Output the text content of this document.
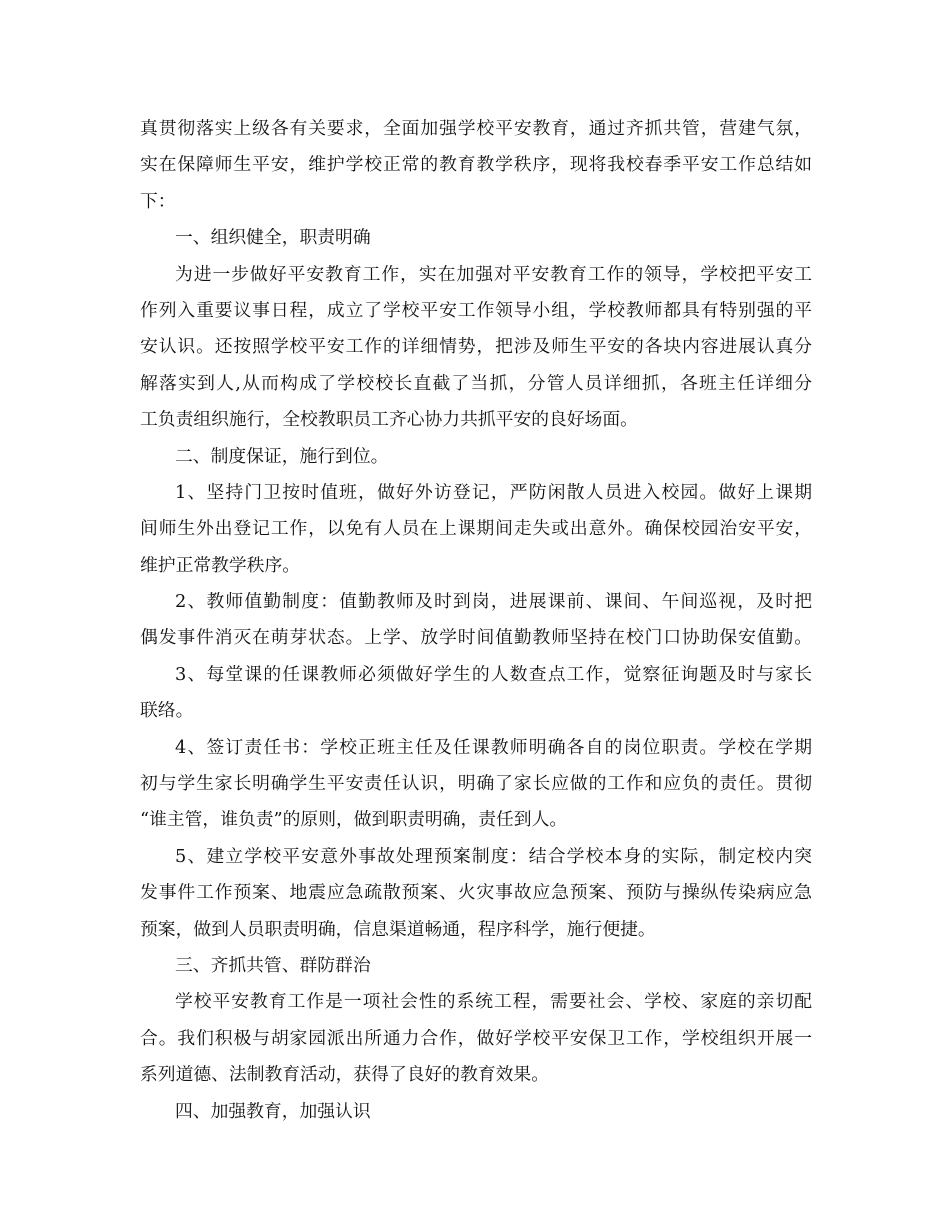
真贯彻落实上级各有关要求，全面加强学校平安教育，通过齐抓共管，营建气氛，
实在保障师生平安，维护学校正常的教育教学秩序，现将我校春季平安工作总结如
下：
一、组织健全，职责明确
为进一步做好平安教育工作，实在加强对平安教育工作的领导，学校把平安工
作列入重要议事日程，成立了学校平安工作领导小组，学校教师都具有特别强的平
安认识。还按照学校平安工作的详细情势，把涉及师生平安的各块内容进展认真分
解落实到人,从而构成了学校校长直截了当抓，分管人员详细抓，各班主任详细分
工负责组织施行，全校教职员工齐心协力共抓平安的良好场面。
二、制度保证，施行到位。
1、坚持门卫按时值班，做好外访登记，严防闲散人员进入校园。做好上课期
间师生外出登记工作，以免有人员在上课期间走失或出意外。确保校园治安平安，
维护正常教学秩序。
2、教师值勤制度：值勤教师及时到岗，进展课前、课间、午间巡视，及时把
偶发事件消灭在萌芽状态。上学、放学时间值勤教师坚持在校门口协助保安值勤。
3、每堂课的任课教师必须做好学生的人数查点工作，觉察征询题及时与家长
联络。
4、签订责任书：学校正班主任及任课教师明确各自的岗位职责。学校在学期
初与学生家长明确学生平安责任认识，明确了家长应做的工作和应负的责任。贯彻
“谁主管，谁负责”的原则，做到职责明确，责任到人。
5、建立学校平安意外事故处理预案制度：结合学校本身的实际，制定校内突
发事件工作预案、地震应急疏散预案、火灾事故应急预案、预防与操纵传染病应急
预案，做到人员职责明确，信息渠道畅通，程序科学，施行便捷。
三、齐抓共管、群防群治
学校平安教育工作是一项社会性的系统工程，需要社会、学校、家庭的亲切配
合。我们积极与胡家园派出所通力合作，做好学校平安保卫工作，学校组织开展一
系列道德、法制教育活动，获得了良好的教育效果。
四、加强教育，加强认识
